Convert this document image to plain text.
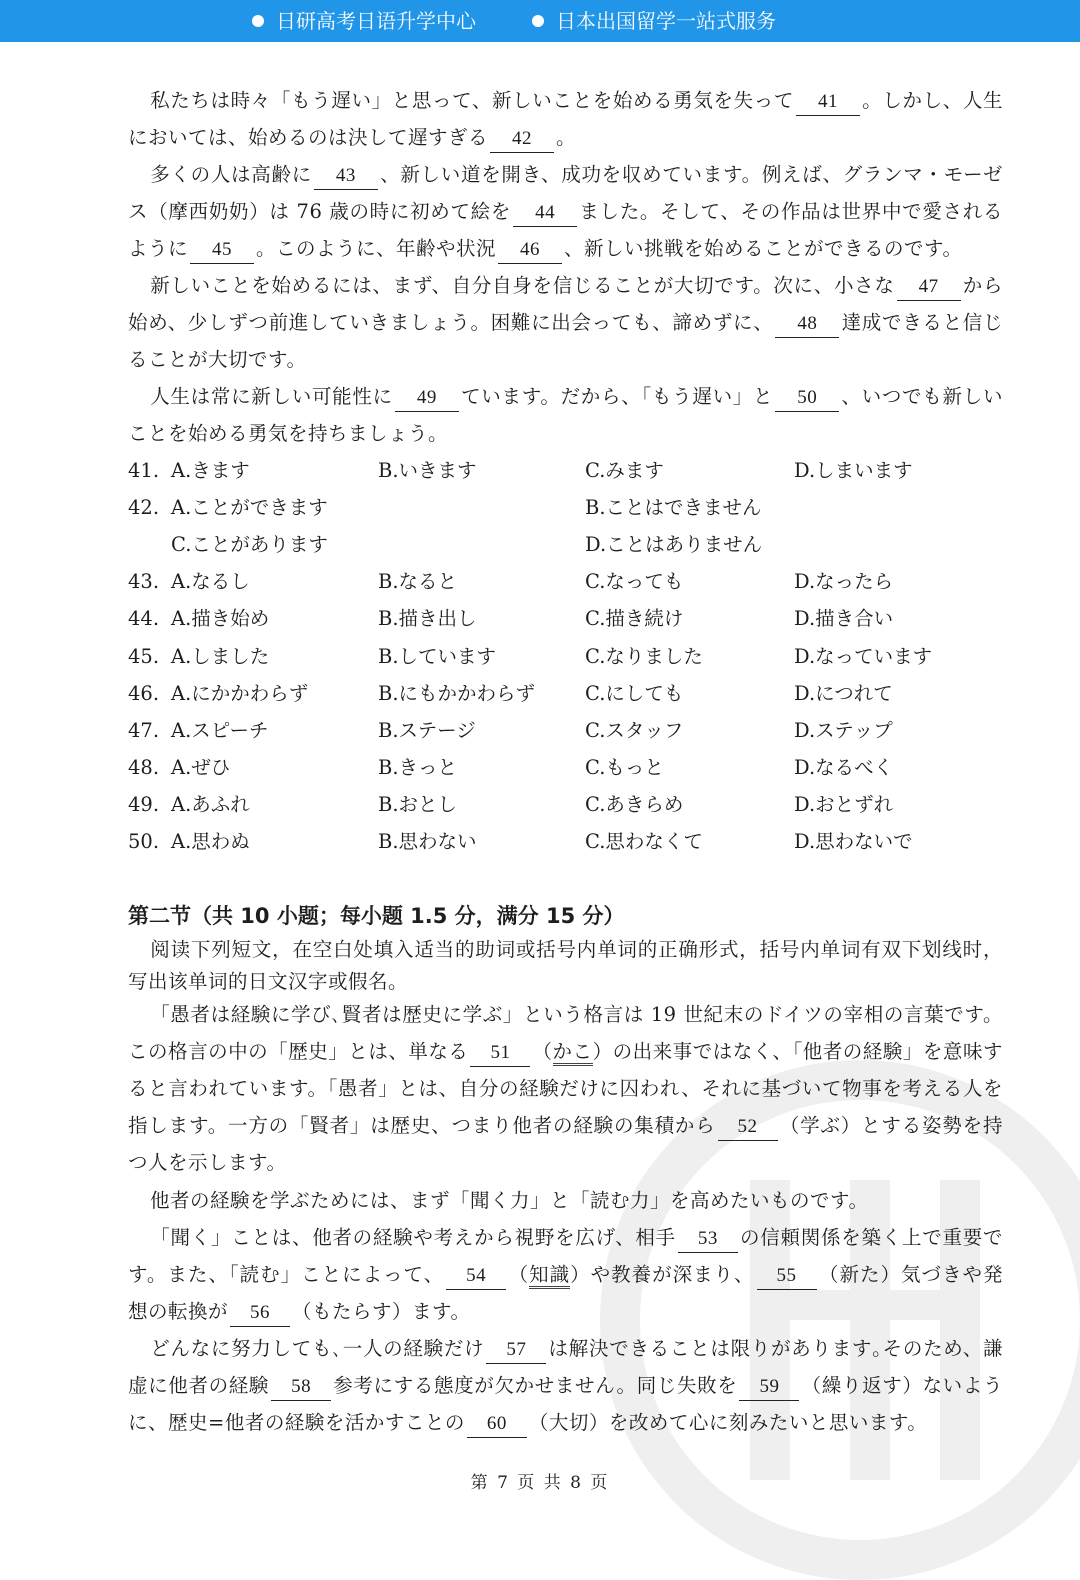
日研高考日语升学中心	日本出国留学一站式服务

私たちは時々「もう遅い」と思って、新しいことを始める勇気を失って 41 。しかし、人生においては、始めるのは決して遅すぎる 42 。

多くの人は高齢に 43 、新しい道を開き、成功を収めています。例えば、グランマ・モーゼス（摩西奶奶）は 76 歳の時に初めて絵を 44 ました。そして、その作品は世界中で愛されるように 45 。このように、年齢や状況 46 、新しい挑戦を始めることができるのです。

新しいことを始めるには、まず、自分自身を信じることが大切です。次に、小さな 47 から始め、少しずつ前進していきましょう。困難に出会っても、諦めずに、 48 達成できると信じることが大切です。

人生は常に新しい可能性に 49 ています。だから、「もう遅い」と 50 、いつでも新しいことを始める勇気を持ちましょう。

41. A.きます	B.いきます	C.みます	D.しまいます
42. A.ことができます	B.ことはできません
C.ことがあります	D.ことはありません
43. A.なるし	B.なると	C.なっても	D.なったら
44. A.描き始め	B.描き出し	C.描き続け	D.描き合い
45. A.しました	B.しています	C.なりました	D.なっています
46. A.にかかわらず	B.にもかかわらず	C.にしても	D.につれて
47. A.スピーチ	B.ステージ	C.スタッフ	D.ステップ
48. A.ぜひ	B.きっと	C.もっと	D.なるべく
49. A.あふれ	B.おとし	C.あきらめ	D.おとずれ
50. A.思わぬ	B.思わない	C.思わなくて	D.思わないで
第二节（共 10 小题；每小题 1.5 分，满分 15 分）

阅读下列短文，在空白处填入适当的助词或括号内单词的正确形式，括号内单词有双下划线时，写出该单词的日文汉字或假名。

「愚者は経験に学び､賢者は歴史に学ぶ」という格言は 19 世紀末のドイツの宰相の言葉です。この格言の中の「歴史」とは、単なる 51 （かこ）の出来事ではなく、「他者の経験」を意味すると言われています。「愚者」とは、自分の経験だけに囚われ、それに基づいて物事を考える人を指します。一方の「賢者」は歴史、つまり他者の経験の集積から 52 （学ぶ）とする姿勢を持つ人を示します。

他者の経験を学ぶためには、まず「聞く力」と「読む力」を高めたいものです。

「聞く」ことは、他者の経験や考えから視野を広げ、相手 53 の信頼関係を築く上で重要です。また、「読む」ことによって、 54 （知識）や教養が深まり、 55 （新た）気づきや発想の転換が 56 （もたらす）ます。

どんなに努力しても､一人の経験だけ 57 は解決できることは限りがあります｡そのため、謙虚に他者の経験 58 参考にする態度が欠かせません。同じ失敗を 59 （繰り返す）ないように、歴史=他者の経験を活かすことの 60 （大切）を改めて心に刻みたいと思います。

第 7 页 共 8 页
